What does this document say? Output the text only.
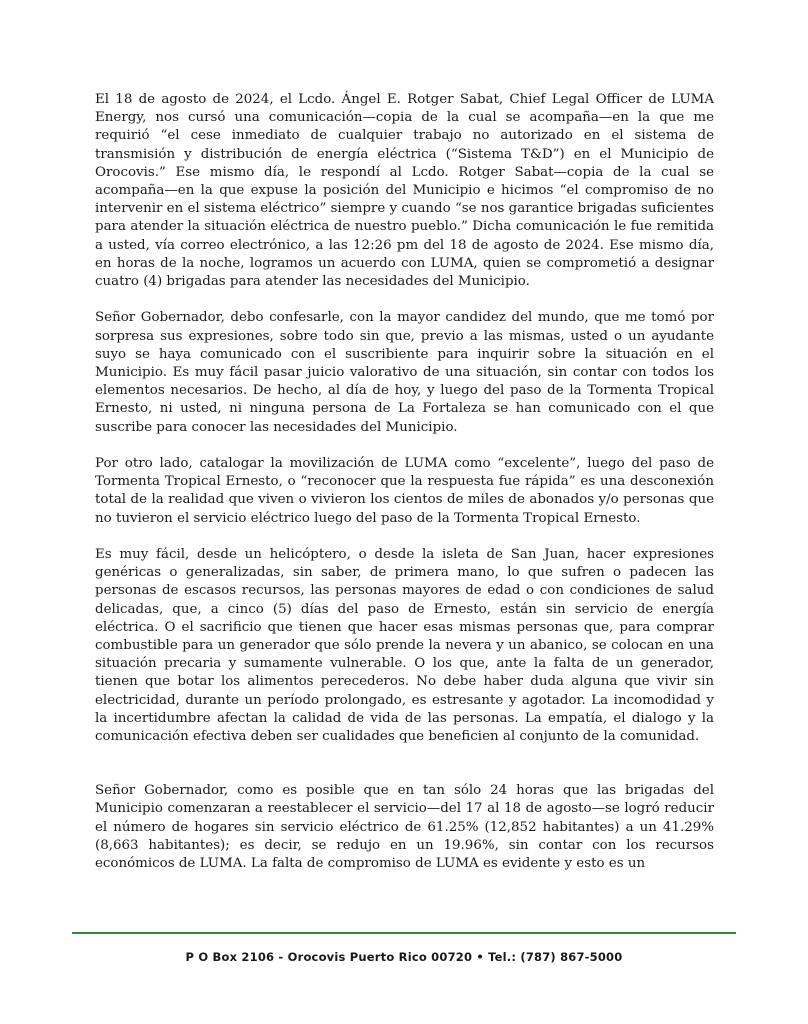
El 18 de agosto de 2024, el Lcdo. Ángel E. Rotger Sabat, Chief Legal Officer de LUMA Energy, nos cursó una comunicación—copia de la cual se acompaña—en la que me requirió “el cese inmediato de cualquier trabajo no autorizado en el sistema de transmisión y distribución de energía eléctrica (“Sistema T&D”) en el Municipio de Orocovis.” Ese mismo día, le respondí al Lcdo. Rotger Sabat—copia de la cual se acompaña—en la que expuse la posición del Municipio e hicimos “el compromiso de no intervenir en el sistema eléctrico” siempre y cuando “se nos garantice brigadas suficientes para atender la situación eléctrica de nuestro pueblo.” Dicha comunicación le fue remitida a usted, vía correo electrónico, a las 12:26 pm del 18 de agosto de 2024. Ese mismo día, en horas de la noche, logramos un acuerdo con LUMA, quien se comprometió a designar cuatro (4) brigadas para atender las necesidades del Municipio.

Señor Gobernador, debo confesarle, con la mayor candidez del mundo, que me tomó por sorpresa sus expresiones, sobre todo sin que, previo a las mismas, usted o un ayudante suyo se haya comunicado con el suscribiente para inquirir sobre la situación en el Municipio. Es muy fácil pasar juicio valorativo de una situación, sin contar con todos los elementos necesarios. De hecho, al día de hoy, y luego del paso de la Tormenta Tropical Ernesto, ni usted, ni ninguna persona de La Fortaleza se han comunicado con el que suscribe para conocer las necesidades del Municipio.

Por otro lado, catalogar la movilización de LUMA como “excelente”, luego del paso de Tormenta Tropical Ernesto, o “reconocer que la respuesta fue rápida” es una desconexión total de la realidad que viven o vivieron los cientos de miles de abonados y/o personas que no tuvieron el servicio eléctrico luego del paso de la Tormenta Tropical Ernesto.

Es muy fácil, desde un helicóptero, o desde la isleta de San Juan, hacer expresiones genéricas o generalizadas, sin saber, de primera mano, lo que sufren o padecen las personas de escasos recursos, las personas mayores de edad o con condiciones de salud delicadas, que, a cinco (5) días del paso de Ernesto, están sin servicio de energía eléctrica. O el sacrificio que tienen que hacer esas mismas personas que, para comprar combustible para un generador que sólo prende la nevera y un abanico, se colocan en una situación precaria y sumamente vulnerable. O los que, ante la falta de un generador, tienen que botar los alimentos perecederos. No debe haber duda alguna que vivir sin electricidad, durante un período prolongado, es estresante y agotador. La incomodidad y la incertidumbre afectan la calidad de vida de las personas. La empatía, el dialogo y la comunicación efectiva deben ser cualidades que beneficien al conjunto de la comunidad.

Señor Gobernador, como es posible que en tan sólo 24 horas que las brigadas del Municipio comenzaran a reestablecer el servicio—del 17 al 18 de agosto—se logró reducir el número de hogares sin servicio eléctrico de 61.25% (12,852 habitantes) a un 41.29% (8,663 habitantes); es decir, se redujo en un 19.96%, sin contar con los recursos económicos de LUMA. La falta de compromiso de LUMA es evidente y esto es un

P O Box 2106 - Orocovis Puerto Rico 00720 • Tel.: (787) 867-5000
